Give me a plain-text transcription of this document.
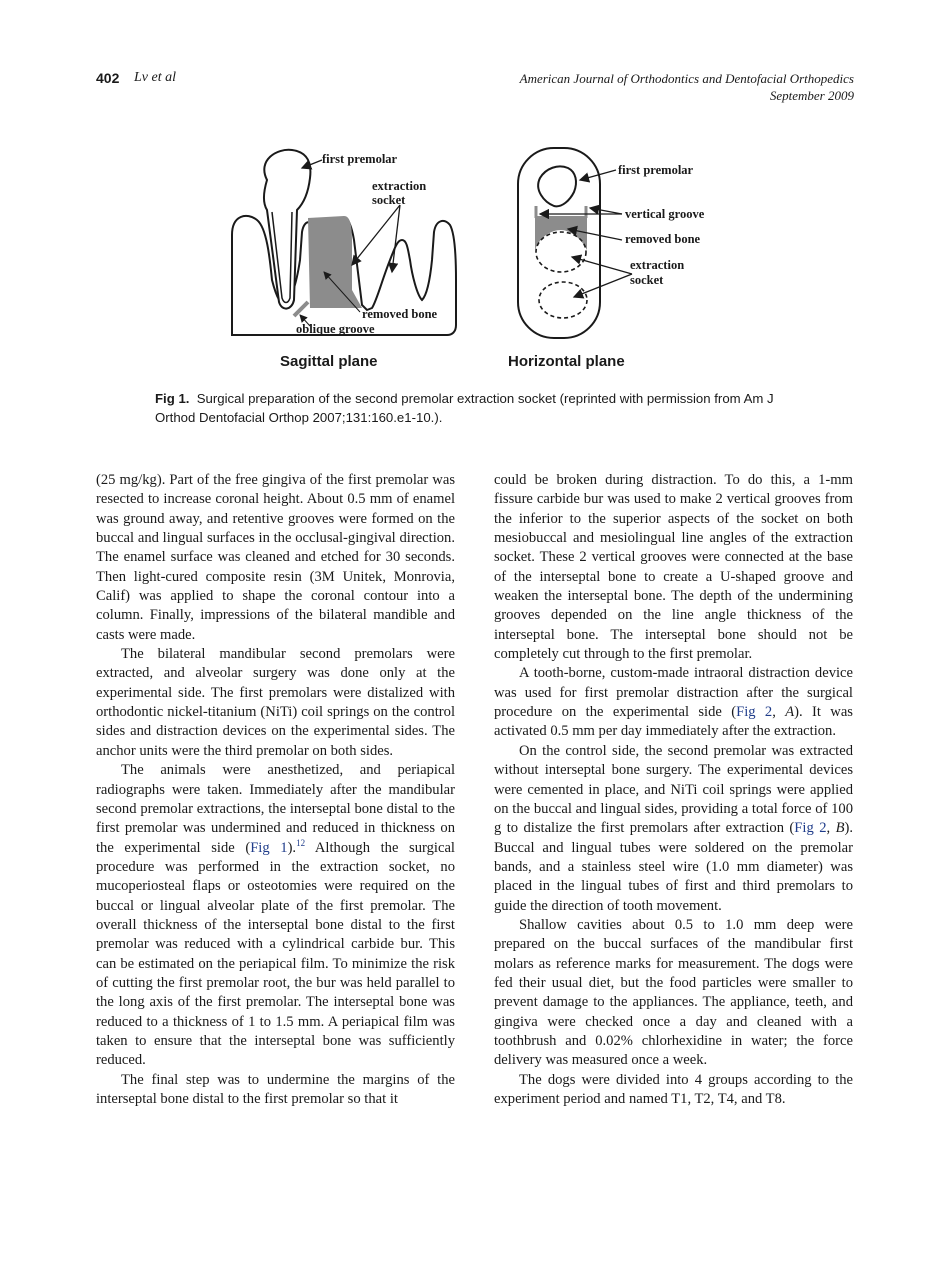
402 Lv et al	American Journal of Orthodontics and Dentofacial Orthopedics
September 2009
first premolar
extraction
socket
removed bone
oblique groove
Sagittal plane
first premolar
vertical groove
removed bone
extraction
socket
Horizontal plane
Fig 1. Surgical preparation of the second premolar extraction socket (reprinted with permission from Am J Orthod Dentofacial Orthop 2007;131:160.e1-10.).

(25 mg/kg). Part of the free gingiva of the first premolar was resected to increase coronal height. About 0.5 mm of enamel was ground away, and retentive grooves were formed on the buccal and lingual surfaces in the occlusal-gingival direction. The enamel surface was cleaned and etched for 30 seconds. Then light-cured composite resin (3M Unitek, Monrovia, Calif) was applied to shape the coronal contour into a column. Finally, impressions of the bilateral mandible and casts were made.

The bilateral mandibular second premolars were extracted, and alveolar surgery was done only at the experimental side. The first premolars were distalized with orthodontic nickel-titanium (NiTi) coil springs on the control sides and distraction devices on the experimental sides. The anchor units were the third premolar on both sides.

The animals were anesthetized, and periapical radiographs were taken. Immediately after the mandibular second premolar extractions, the interseptal bone distal to the first premolar was undermined and reduced in thickness on the experimental side (Fig 1).$^{12}$ Although the surgical procedure was performed in the extraction socket, no mucoperiosteal flaps or osteotomies were required on the buccal or lingual alveolar plate of the first premolar. The overall thickness of the interseptal bone distal to the first premolar was reduced with a cylindrical carbide bur. This can be estimated on the periapical film. To minimize the risk of cutting the first premolar root, the bur was held parallel to the long axis of the first premolar. The interseptal bone was reduced to a thickness of 1 to 1.5 mm. A periapical film was taken to ensure that the interseptal bone was sufficiently reduced.

The final step was to undermine the margins of the interseptal bone distal to the first premolar so that it

could be broken during distraction. To do this, a 1-mm fissure carbide bur was used to make 2 vertical grooves from the inferior to the superior aspects of the socket on both mesiobuccal and mesiolingual line angles of the extraction socket. These 2 vertical grooves were connected at the base of the interseptal bone to create a U-shaped groove and weaken the interseptal bone. The depth of the undermining grooves depended on the line angle thickness of the interseptal bone. The interseptal bone should not be completely cut through to the first premolar.

A tooth-borne, custom-made intraoral distraction device was used for first premolar distraction after the surgical procedure on the experimental side (Fig 2, A). It was activated 0.5 mm per day immediately after the extraction.

On the control side, the second premolar was extracted without interseptal bone surgery. The experimental devices were cemented in place, and NiTi coil springs were applied on the buccal and lingual sides, providing a total force of 100 g to distalize the first premolars after extraction (Fig 2, B). Buccal and lingual tubes were soldered on the premolar bands, and a stainless steel wire (1.0 mm diameter) was placed in the lingual tubes of first and third premolars to guide the direction of tooth movement.

Shallow cavities about 0.5 to 1.0 mm deep were prepared on the buccal surfaces of the mandibular first molars as reference marks for measurement. The dogs were fed their usual diet, but the food particles were smaller to prevent damage to the appliances. The appliance, teeth, and gingiva were checked once a day and cleaned with a toothbrush and 0.02% chlorhexidine in water; the force delivery was measured once a week.

The dogs were divided into 4 groups according to the experiment period and named T1, T2, T4, and T8.
